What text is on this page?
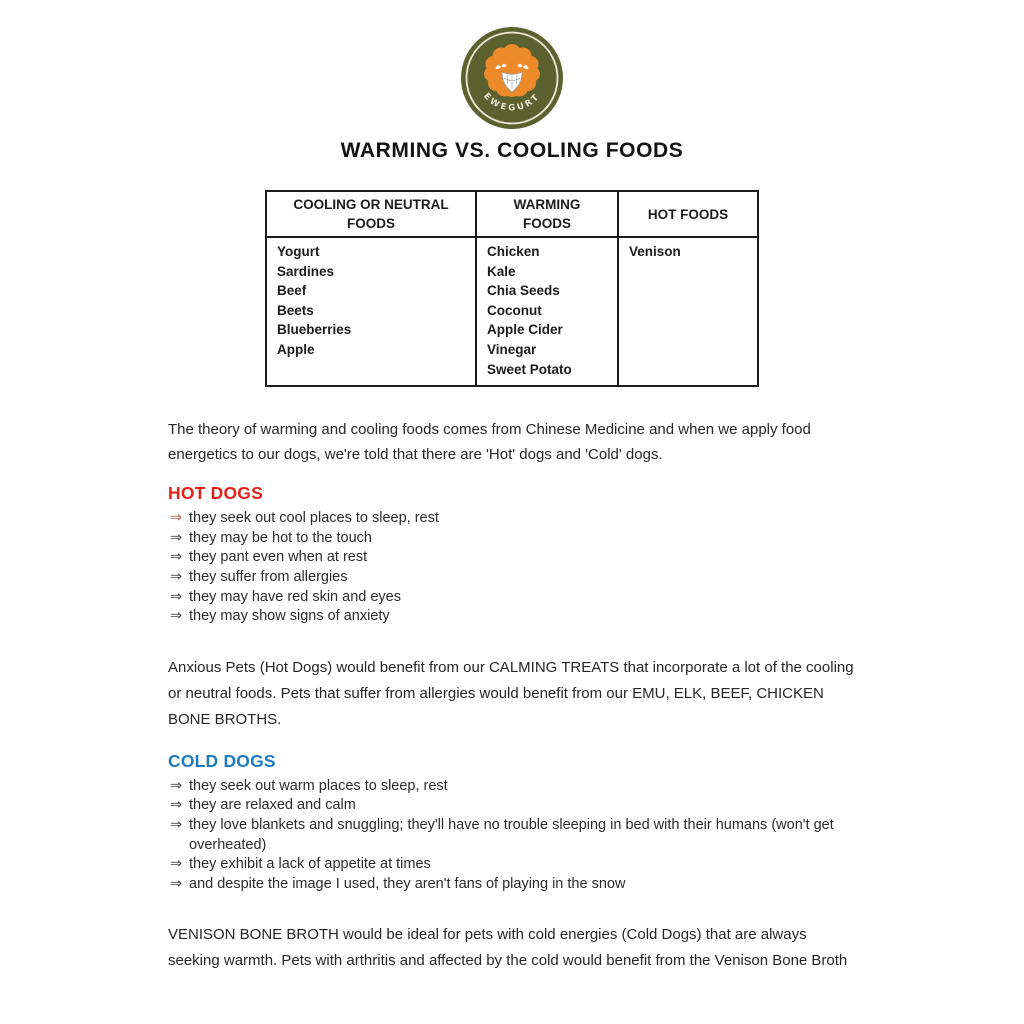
EWEGURT
WARMING VS. COOLING FOODS
COOLING OR NEUTRAL FOODS	WARMING FOODS	HOT FOODS

Yogurt
Sardines
Beef
Beets
Blueberries
Apple

Chicken
Kale
Chia Seeds
Coconut
Apple Cider Vinegar
Sweet Potato

Venison

The theory of warming and cooling foods comes from Chinese Medicine and when we apply food energetics to our dogs, we're told that there are 'Hot' dogs and 'Cold' dogs.

HOT DOGS
⇒ they seek out cool places to sleep, rest
⇒ they may be hot to the touch
⇒ they pant even when at rest
⇒ they suffer from allergies
⇒ they may have red skin and eyes
⇒ they may show signs of anxiety

Anxious Pets (Hot Dogs) would benefit from our CALMING TREATS that incorporate a lot of the cooling or neutral foods. Pets that suffer from allergies would benefit from our EMU, ELK, BEEF, CHICKEN BONE BROTHS.

COLD DOGS
⇒ they seek out warm places to sleep, rest
⇒ they are relaxed and calm
⇒ they love blankets and snuggling; they'll have no trouble sleeping in bed with their humans (won't get overheated)
⇒ they exhibit a lack of appetite at times
⇒ and despite the image I used, they aren't fans of playing in the snow

VENISON BONE BROTH would be ideal for pets with cold energies (Cold Dogs) that are always seeking warmth. Pets with arthritis and affected by the cold would benefit from the Venison Bone Broth
